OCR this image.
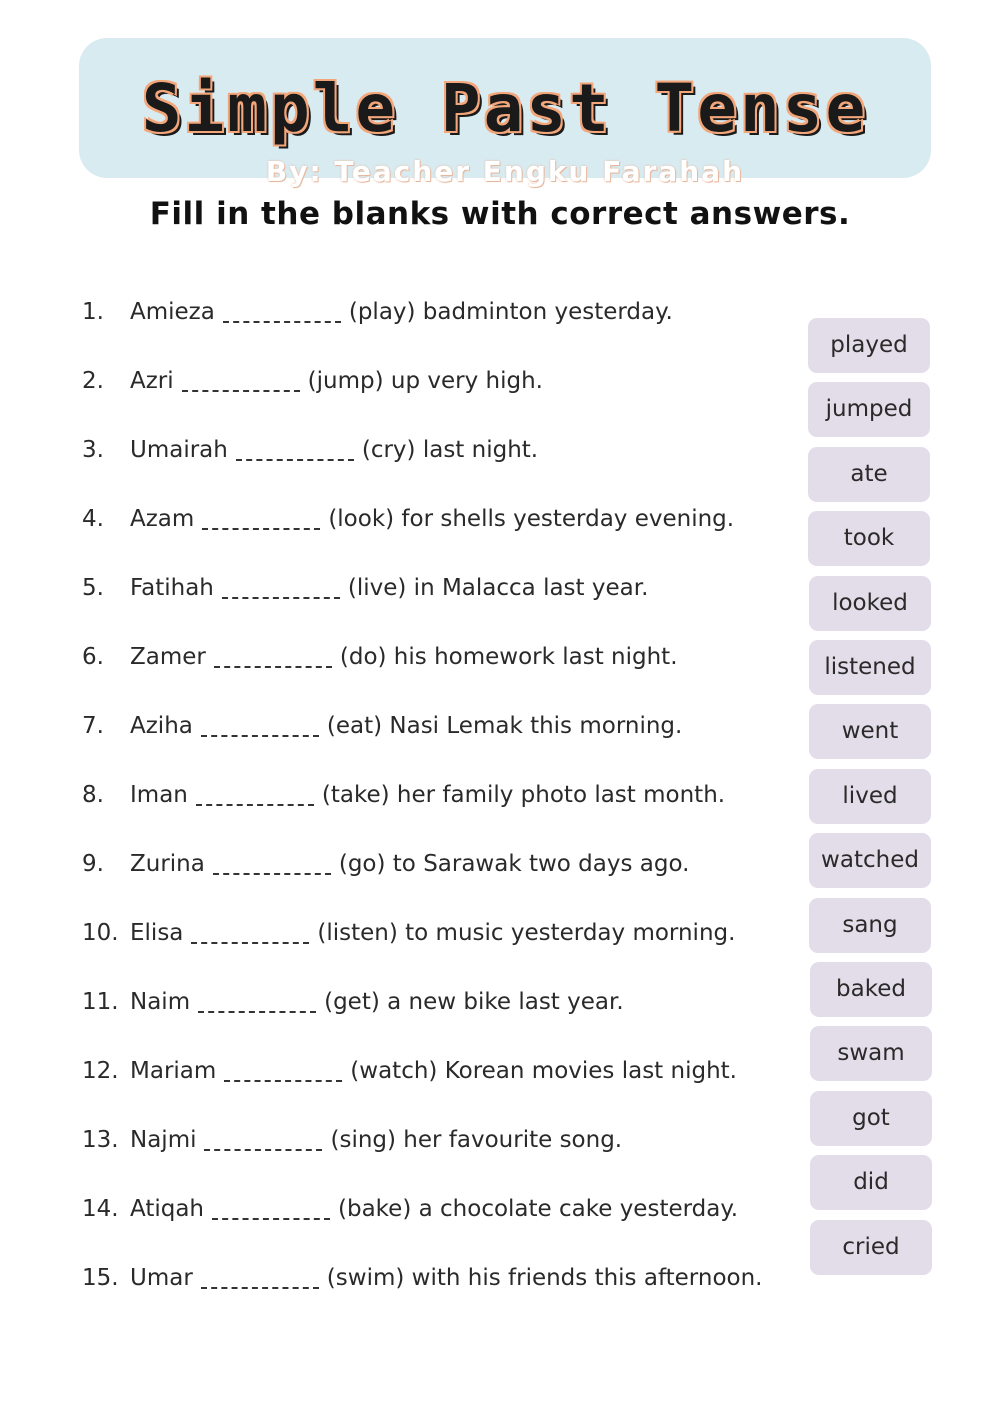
Simple Past Tense
By: Teacher Engku Farahah
Fill in the blanks with correct answers.
1. Amieza	(play) badminton yesterday.
2. Azri	(jump) up very high.
3. Umairah	(cry) last night.
4. Azam	(look) for shells yesterday evening.
5. Fatihah	(live) in Malacca last year.
6. Zamer	(do) his homework last night.
7. Aziha	(eat) Nasi Lemak this morning.
8. Iman	(take) her family photo last month.
9. Zurina	(go) to Sarawak two days ago.
10. Elisa	(listen) to music yesterday morning.
11. Naim	(get) a new bike last year.
12. Mariam	(watch) Korean movies last night.
13. Najmi	(sing) her favourite song.
14. Atiqah	(bake) a chocolate cake yesterday.
15. Umar	(swim) with his friends this afternoon.
played
jumped
ate
took
looked
listened
went
lived
watched
sang
baked
swam
got
did
cried
